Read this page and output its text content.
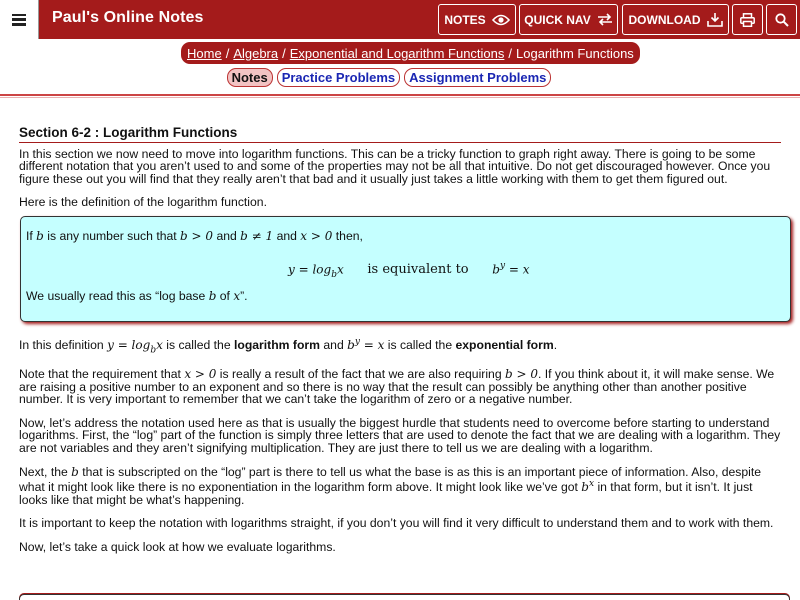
Paul's Online Notes	NOTES	QUICK NAV	DOWNLOAD
Home / Algebra / Exponential and Logarithm Functions / Logarithm Functions
Notes	Practice Problems	Assignment Problems
Section 6-2 : Logarithm Functions

In this section we now need to move into logarithm functions. This can be a tricky function to graph right away. There is going to be some different notation that you aren’t used to and some of the properties may not be all that intuitive. Do not get discouraged however. Once you figure these out you will find that they really aren’t that bad and it usually just takes a little working with them to get them figured out.

Here is the definition of the logarithm function.

If b is any number such that b > 0 and b ≠ 1 and x > 0 then,
$y = \log_bx$ is equivalent to $b^y = x$
We usually read this as “log base b of x”.

In this definition $y = \log_bx$ is called the logarithm form and $b^y = x$ is called the exponential form.

Note that the requirement that x > 0 is really a result of the fact that we are also requiring b > 0. If you think about it, it will make sense. We are raising a positive number to an exponent and so there is no way that the result can possibly be anything other than another positive number. It is very important to remember that we can’t take the logarithm of zero or a negative number.

Now, let’s address the notation used here as that is usually the biggest hurdle that students need to overcome before starting to understand logarithms. First, the “log” part of the function is simply three letters that are used to denote the fact that we are dealing with a logarithm. They are not variables and they aren’t signifying multiplication. They are just there to tell us we are dealing with a logarithm.

Next, the b that is subscripted on the “log” part is there to tell us what the base is as this is an important piece of information. Also, despite what it might look like there is no exponentiation in the logarithm form above. It might look like we’ve got $b^x$ in that form, but it isn’t. It just looks like that might be what’s happening.

It is important to keep the notation with logarithms straight, if you don’t you will find it very difficult to understand them and to work with them.

Now, let’s take a quick look at how we evaluate logarithms.
